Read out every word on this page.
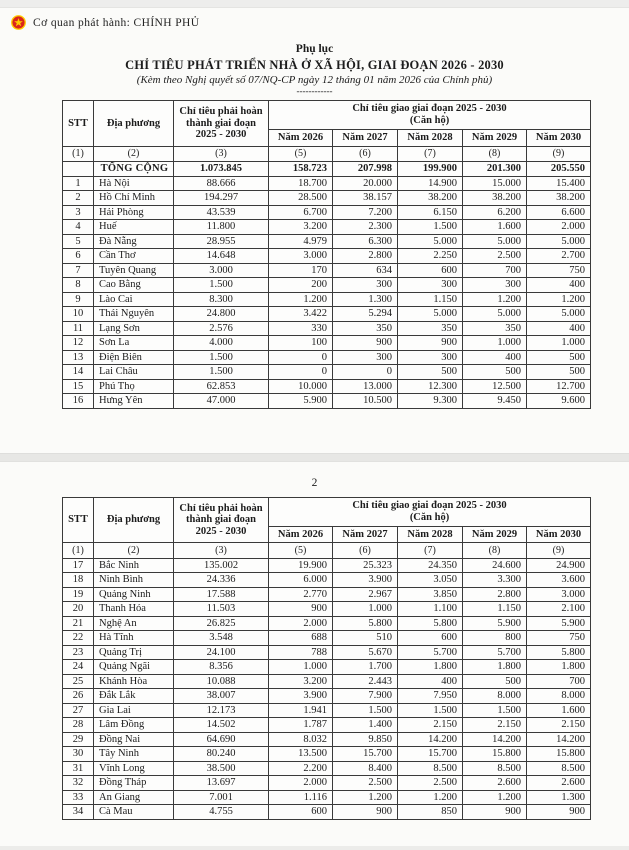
Cơ quan phát hành: CHÍNH PHỦ
Phụ lục
CHỈ TIÊU PHÁT TRIỂN NHÀ Ở XÃ HỘI, GIAI ĐOẠN 2026 - 2030
(Kèm theo Nghị quyết số 07/NQ-CP ngày 12 tháng 01 năm 2026 của Chính phủ)
------------
STT	Địa phương	Chỉ tiêu phải hoàn thành giai đoạn 2025 - 2030	Chỉ tiêu giao giai đoạn 2025 - 2030
(Căn hộ)				

			Năm 2026	Năm 2027	Năm 2028	Năm 2029	Năm 2030
(1)	(2)	(3)	(5)	(6)	(7)	(8)	(9)
	TỔNG CỘNG	1.073.845	158.723	207.998	199.900	201.300	205.550
1	Hà Nội	88.666	18.700	20.000	14.900	15.000	15.400
2	Hồ Chí Minh	194.297	28.500	38.157	38.200	38.200	38.200
3	Hải Phòng	43.539	6.700	7.200	6.150	6.200	6.600
4	Huế	11.800	3.200	2.300	1.500	1.600	2.000
5	Đà Nẵng	28.955	4.979	6.300	5.000	5.000	5.000
6	Cần Thơ	14.648	3.000	2.800	2.250	2.500	2.700
7	Tuyên Quang	3.000	170	634	600	700	750
8	Cao Bằng	1.500	200	300	300	300	400
9	Lào Cai	8.300	1.200	1.300	1.150	1.200	1.200
10	Thái Nguyên	24.800	3.422	5.294	5.000	5.000	5.000
11	Lạng Sơn	2.576	330	350	350	350	400
12	Sơn La	4.000	100	900	900	1.000	1.000
13	Điện Biên	1.500	0	300	300	400	500
14	Lai Châu	1.500	0	0	500	500	500
15	Phú Thọ	62.853	10.000	13.000	12.300	12.500	12.700
16	Hưng Yên	47.000	5.900	10.500	9.300	9.450	9.600
2
STT	Địa phương	Chỉ tiêu phải hoàn thành giai đoạn 2025 - 2030	Chỉ tiêu giao giai đoạn 2025 - 2030
(Căn hộ)				

			Năm 2026	Năm 2027	Năm 2028	Năm 2029	Năm 2030
(1)	(2)	(3)	(5)	(6)	(7)	(8)	(9)
17	Bắc Ninh	135.002	19.900	25.323	24.350	24.600	24.900
18	Ninh Bình	24.336	6.000	3.900	3.050	3.300	3.600
19	Quảng Ninh	17.588	2.770	2.967	3.850	2.800	3.000
20	Thanh Hóa	11.503	900	1.000	1.100	1.150	2.100
21	Nghệ An	26.825	2.000	5.800	5.800	5.900	5.900
22	Hà Tĩnh	3.548	688	510	600	800	750
23	Quảng Trị	24.100	788	5.670	5.700	5.700	5.800
24	Quảng Ngãi	8.356	1.000	1.700	1.800	1.800	1.800
25	Khánh Hòa	10.088	3.200	2.443	400	500	700
26	Đắk Lắk	38.007	3.900	7.900	7.950	8.000	8.000
27	Gia Lai	12.173	1.941	1.500	1.500	1.500	1.600
28	Lâm Đồng	14.502	1.787	1.400	2.150	2.150	2.150
29	Đồng Nai	64.690	8.032	9.850	14.200	14.200	14.200
30	Tây Ninh	80.240	13.500	15.700	15.700	15.800	15.800
31	Vĩnh Long	38.500	2.200	8.400	8.500	8.500	8.500
32	Đồng Tháp	13.697	2.000	2.500	2.500	2.600	2.600
33	An Giang	7.001	1.116	1.200	1.200	1.200	1.300
34	Cà Mau	4.755	600	900	850	900	900
